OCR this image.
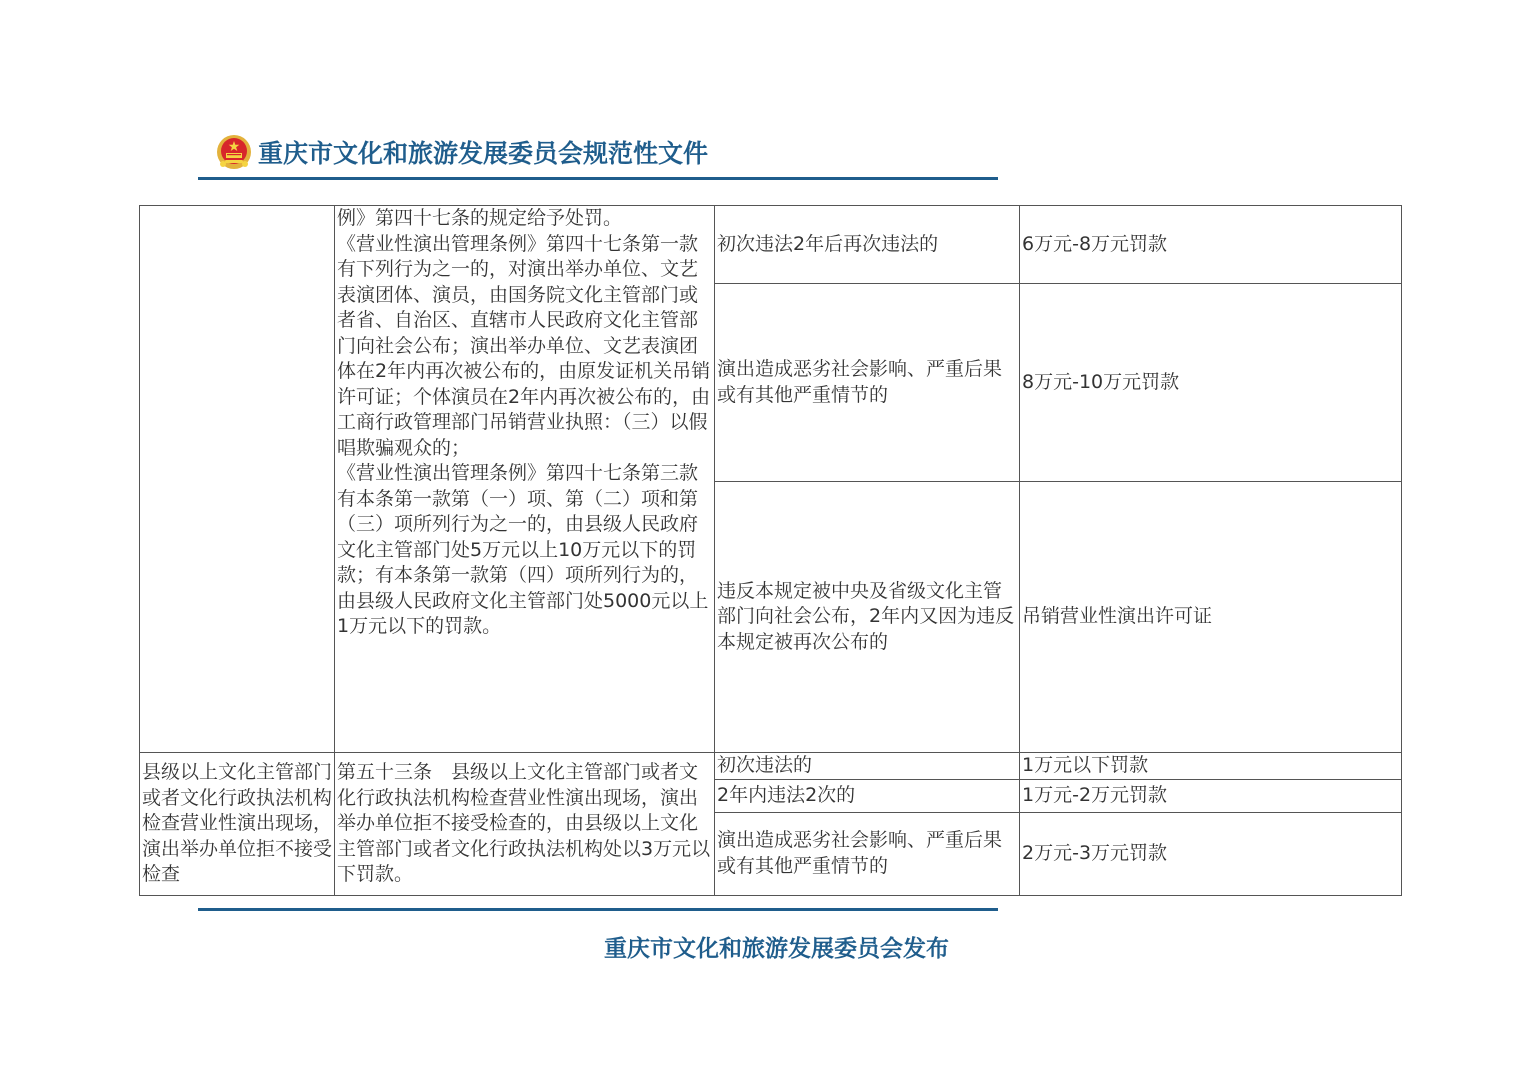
重庆市文化和旅游发展委员会规范性文件

	例》第四十七条的规定给予处罚。
《营业性演出管理条例》第四十七条第一款 有下列行为之一的，对演出举办单位、文艺表演团体、演员，由国务院文化主管部门或者省、自治区、直辖市人民政府文化主管部门向社会公布；演出举办单位、文艺表演团体在2年内再次被公布的，由原发证机关吊销许可证；个体演员在2年内再次被公布的，由工商行政管理部门吊销营业执照：（三）以假唱欺骗观众的；
《营业性演出管理条例》第四十七条第三款　有本条第一款第（一）项、第（二）项和第（三）项所列行为之一的，由县级人民政府文化主管部门处5万元以上10万元以下的罚款；有本条第一款第（四）项所列行为的，由县级人民政府文化主管部门处5000元以上1万元以下的罚款。	初次违法2年后再次违法的	6万元-8万元罚款
		演出造成恶劣社会影响、严重后果或有其他严重情节的	8万元-10万元罚款
		违反本规定被中央及省级文化主管部门向社会公布，2年内又因为违反本规定被再次公布的	吊销营业性演出许可证
县级以上文化主管部门或者文化行政执法机构检查营业性演出现场，演出举办单位拒不接受检查	第五十三条　县级以上文化主管部门或者文化行政执法机构检查营业性演出现场，演出举办单位拒不接受检查的，由县级以上文化主管部门或者文化行政执法机构处以3万元以下罚款。	初次违法的	1万元以下罚款
		2年内违法2次的	1万元-2万元罚款
		演出造成恶劣社会影响、严重后果或有其他严重情节的	2万元-3万元罚款
重庆市文化和旅游发展委员会发布
